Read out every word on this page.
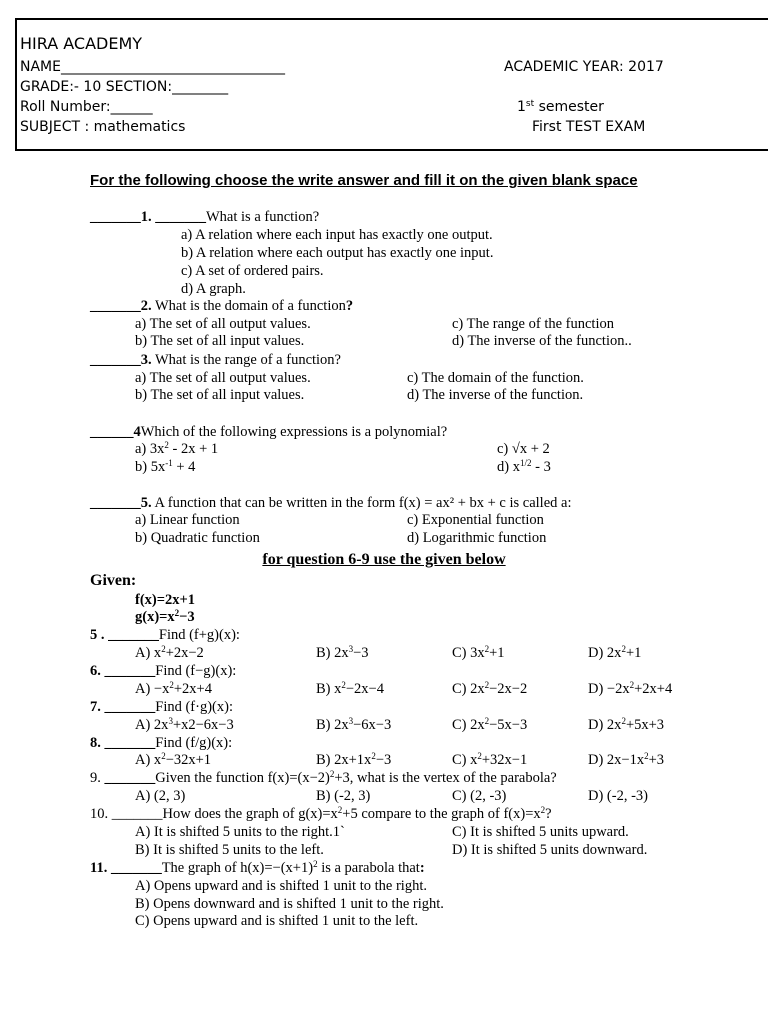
HIRA ACADEMY
NAME________________________________
GRADE:- 10 SECTION:________
Roll Number:______
SUBJECT : mathematics
ACADEMIC YEAR: 2017
1st semester
First TEST EXAM
For the following choose the write answer and fill it on the given blank space
_______1. _______What is a function?
a) A relation where each input has exactly one output.
b) A relation where each output has exactly one input.
c) A set of ordered pairs.
d) A graph.
_______2. What is the domain of a function?
a) The set of all output values.
b) The set of all input values.
c) The range of the function
d) The inverse of the function..
_______3. What is the range of a function?
a) The set of all output values.
b) The set of all input values.
c) The domain of the function.
d) The inverse of the function.
______4Which of the following expressions is a polynomial?
a) $3x^2 - 2x + 1$
b) $5x^{-1} + 4$
c) √x + 2
d) $x^{1/2} - 3$
_______5. A function that can be written in the form f(x) = ax² + bx + c is called a:
a) Linear function
b) Quadratic function
c) Exponential function
d) Logarithmic function
for question 6-9 use the given below
Given:
f(x)=2x+1
$g(x)=x^2-3$
5 . _______Find (f+g)(x):
A) $x^2+2x-2$	B) $2x^3-3$	C) $3x^2+1$	D) $2x^2+1$
6. _______Find (f−g)(x):
$A) -x^2+2x+4$	B) $x^2-2x-4$	C) $2x^2-2x-2$	$D) -2x^2+2x+4$
7. _______Find (f·g)(x):
A) $2x^3+x2-6x-3$	B) $2x^3-6x-3$	C) $2x^2-5x-3$	D) $2x^2+5x+3$
8. _______Find (f/g)(x):
A) $x^2-32x+1$	B) $2x+1x^2-3$	C) $x^2+32x-1$	D) $2x-1x^2+3$
9. _______Given the function $f(x)=(x-2)^2+3$, what is the vertex of the parabola?
A) (2, 3)	B) (-2, 3)	C) (2, -3)	D) (-2, -3)
10. _______How does the graph of $g(x)=x^2+5$ compare to the graph of $f(x)=x^2$?
A) It is shifted 5 units to the right.1`
B) It is shifted 5 units to the left.
C) It is shifted 5 units upward.
D) It is shifted 5 units downward.
11. _______The graph of $h(x)=-(x+1)^2$ is a parabola that:
A) Opens upward and is shifted 1 unit to the right.
B) Opens downward and is shifted 1 unit to the right.
C) Opens upward and is shifted 1 unit to the left.
